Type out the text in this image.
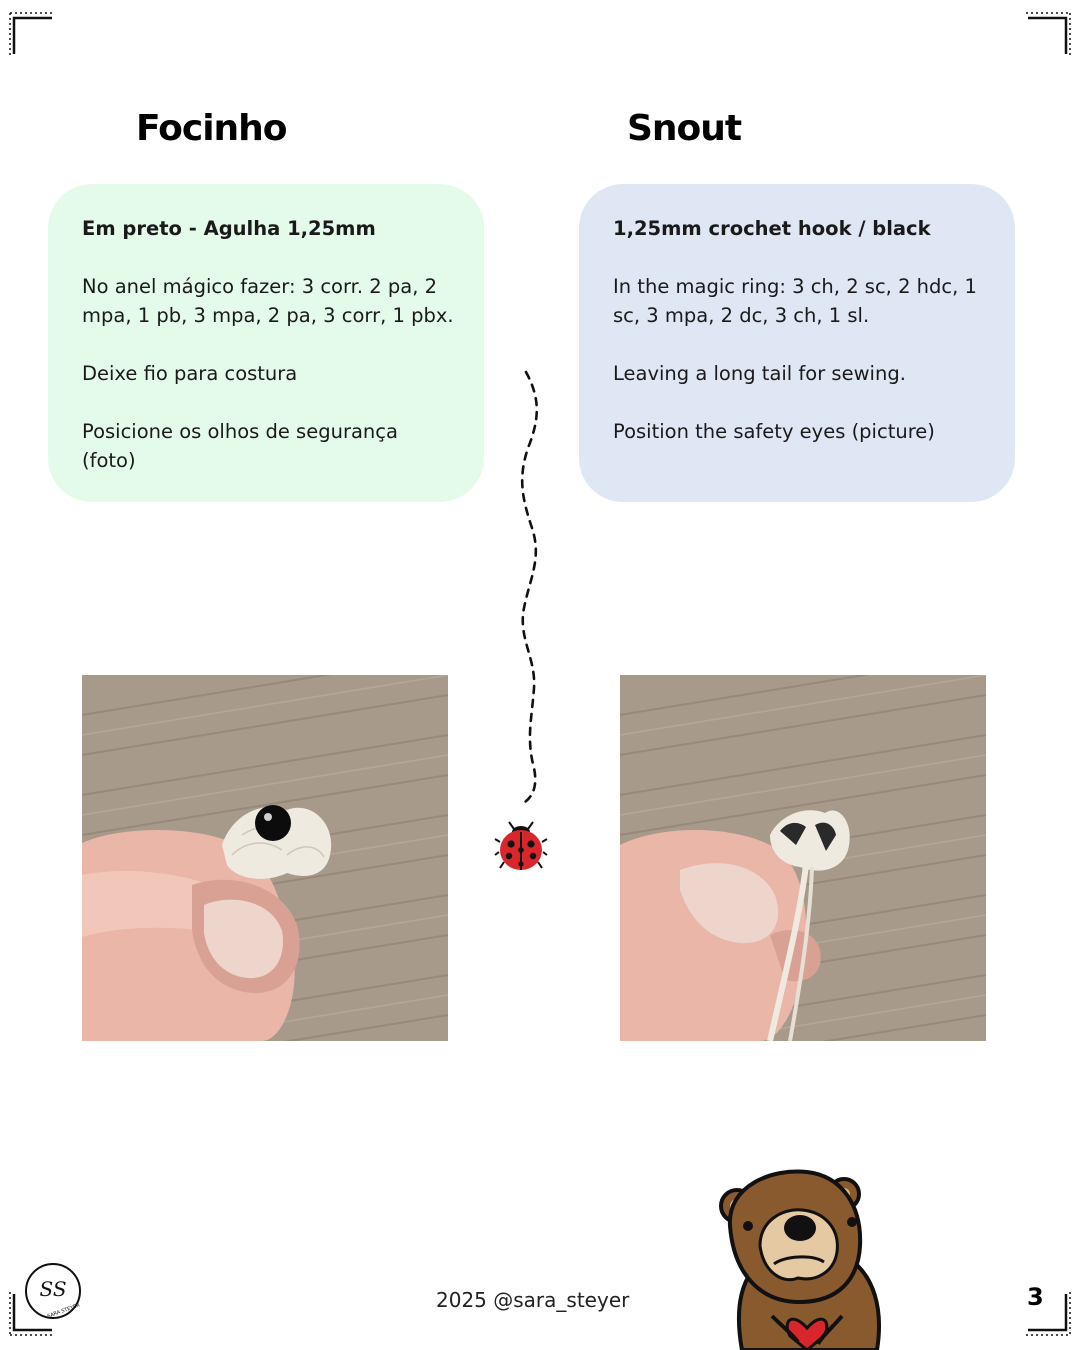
Focinho	Snout
Em preto - Agulha 1,25mm

No anel mágico fazer: 3 corr. 2 pa, 2 mpa, 1 pb, 3 mpa, 2 pa, 3 corr, 1 pbx.

Deixe fio para costura

Posicione os olhos de segurança (foto)

1,25mm crochet hook / black

In the magic ring: 3 ch, 2 sc, 2 hdc, 1 sc, 3 mpa, 2 dc, 3 ch, 1 sl.

Leaving a long tail for sewing.

Position the safety eyes (picture)

SS
SARA STEYER	2025 @sara_steyer	3
